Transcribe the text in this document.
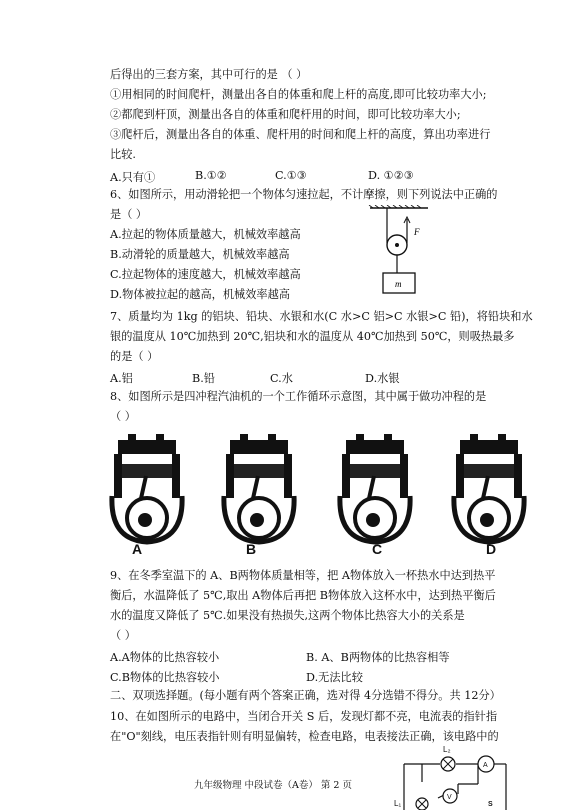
后得出的三套方案，其中可行的是 （ ）
①用相同的时间爬杆，测量出各自的体重和爬上杆的高度,即可比较功率大小;
②都爬到杆顶，测量出各自的体重和爬杆用的时间，即可比较功率大小;
③爬杆后，测量出各自的体重、爬杆用的时间和爬上杆的高度，算出功率进行
比较.
A.只有①	B.①②	C.①③	D. ①②③
6、如图所示，用动滑轮把一个物体匀速拉起，不计摩擦，则下列说法中正确的
是（ ）
A.拉起的物体质量越大，机械效率越高
B.动滑轮的质量越大，机械效率越高
C.拉起物体的速度越大，机械效率越高
D.物体被拉起的越高，机械效率越高
F
m
7、质量均为 1kg 的铝块、铅块、水银和水(C 水>C 铝>C 水银>C 铅)，将铅块和水
银的温度从 10℃加热到 20℃,铝块和水的温度从 40℃加热到 50℃，则吸热最多
的是（ ）
A.铝	B.铅	C.水	D.水银
8、如图所示是四冲程汽油机的一个工作循环示意图，其中属于做功冲程的是
（ ）
A	B	C	D
9、在冬季室温下的 A、B两物体质量相等，把 A物体放入一杯热水中达到热平
衡后，水温降低了 5℃,取出 A物体后再把 B物体放入这杯水中，达到热平衡后
水的温度又降低了 5℃.如果没有热损失,这两个物体比热容大小的关系是
（ ）
A.A物体的比热容较小	B. A、B两物体的比热容相等
C.B物体的比热容较小	D.无法比较
二、双项选择题。(每小题有两个答案正确，选对得 4分选错不得分。共 12分）
10、在如图所示的电路中，当闭合开关 S 后，发现灯都不亮，电流表的指针指
在"O"刻线，电压表指针则有明显偏转，检查电路，电表接法正确，该电路中的
九年级物理 中段试卷（A卷） 第 2 页
L₂
A
V
L₁	S
